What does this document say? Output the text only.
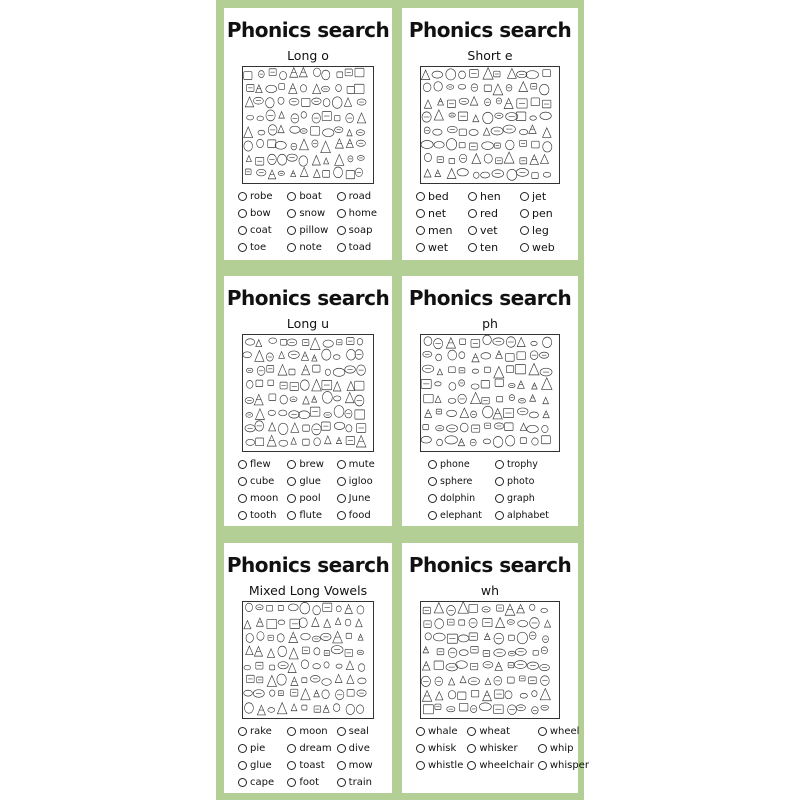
Phonics search
Long o
robe	boat	road
bow	snow home
coat	pillow soap
toe	note	toad
Phonics search
Short e
bed	hen	jet
net	red	pen
men	vet	leg
wet	ten	web
Phonics search
Long u
flew	brew mute
cube glue	igloo
moon pool	June
tooth flute	food
Phonics search
ph
phone	trophy
sphere	photo
dolphin	graph
elephant	alphabet
Phonics search
Mixed Long Vowels
rake	moon seal
pie	dream dive
glue	toast mow
cape	foot	train
Phonics search
wh
whale wheat	wheel
whisk whisker	whip
whistle wheelchair whisper
